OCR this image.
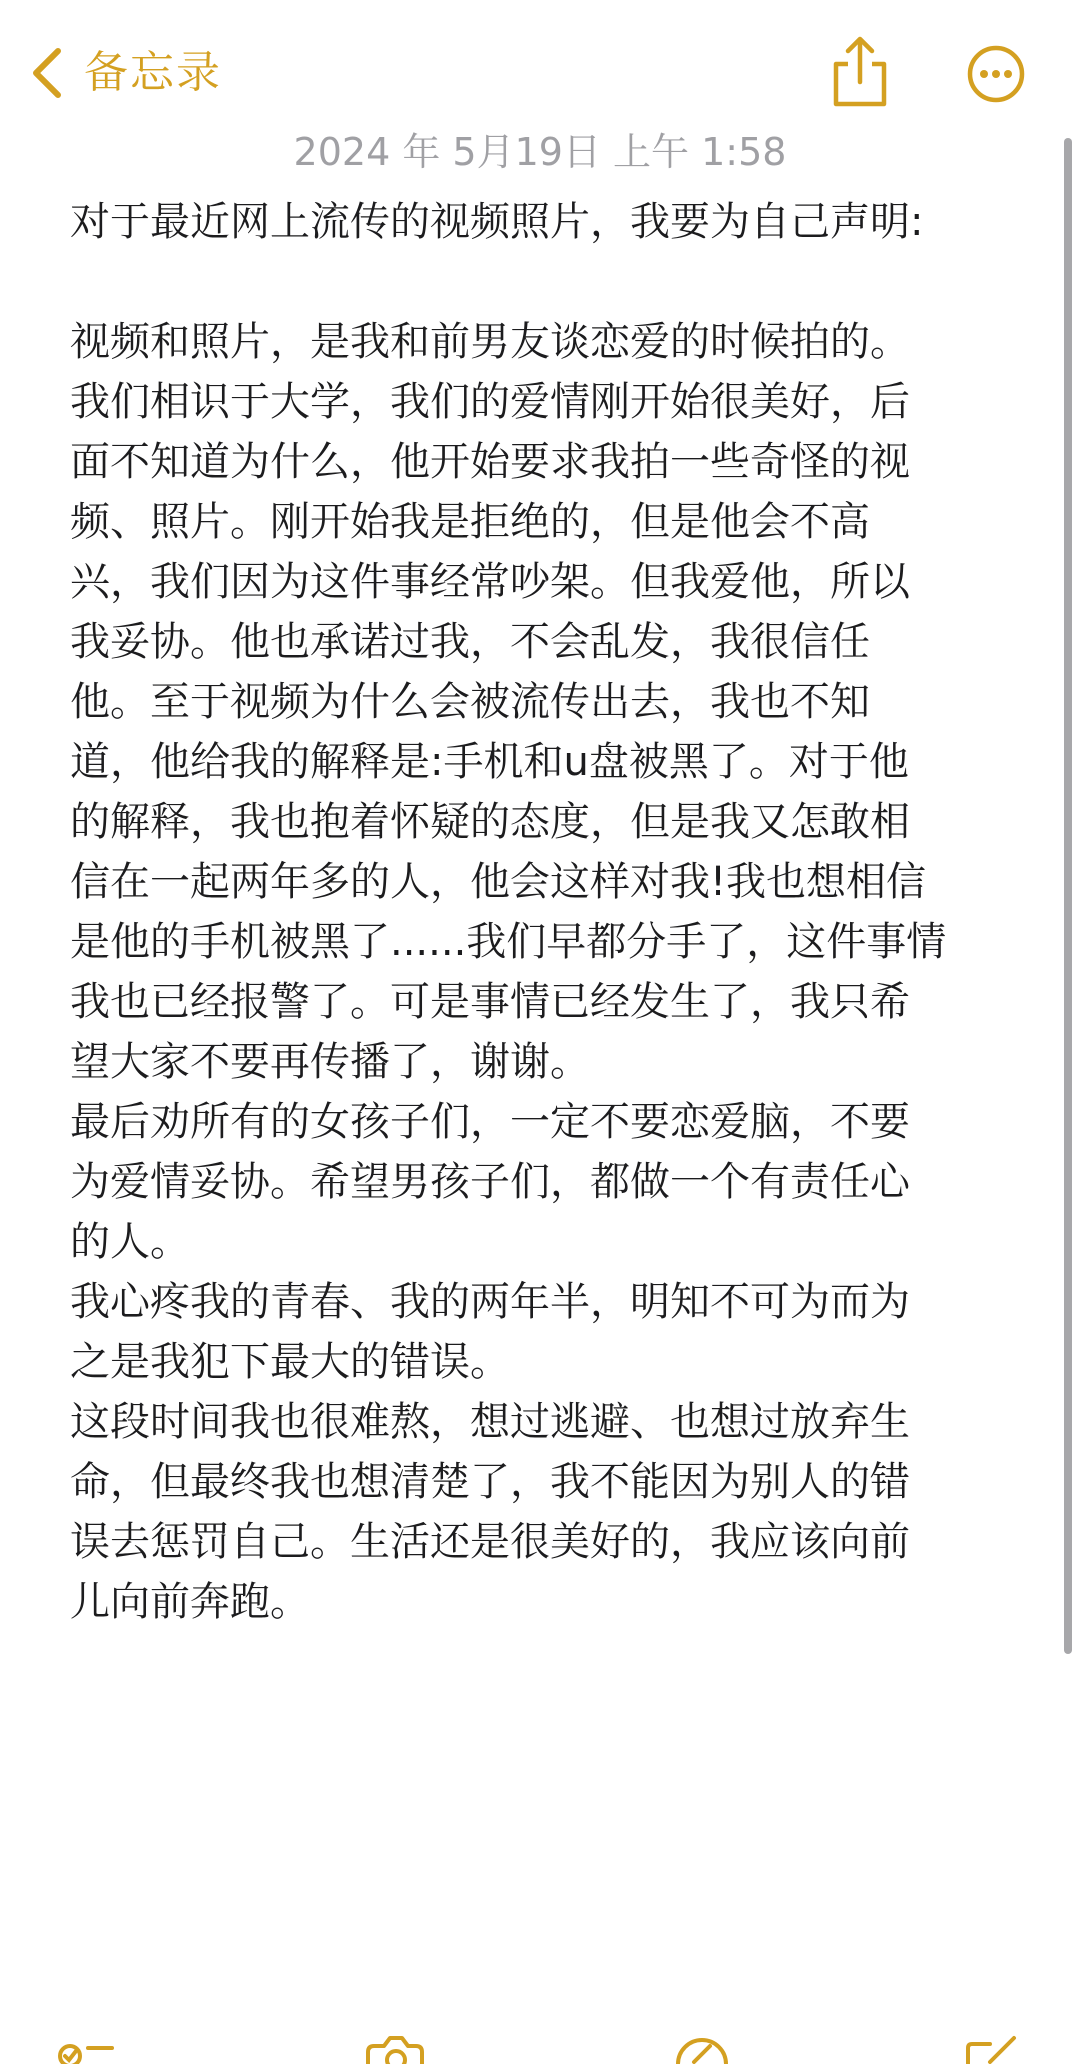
备忘录
2024 年 5月19日 上午 1:58
对于最近网上流传的视频照片，我要为自己声明:
视频和照片，是我和前男友谈恋爱的时候拍的。
我们相识于大学，我们的爱情刚开始很美好，后
面不知道为什么，他开始要求我拍一些奇怪的视
频、照片。刚开始我是拒绝的，但是他会不高
兴，我们因为这件事经常吵架。但我爱他，所以
我妥协。他也承诺过我，不会乱发，我很信任
他。至于视频为什么会被流传出去，我也不知
道，他给我的解释是:手机和u盘被黑了。对于他
的解释，我也抱着怀疑的态度，但是我又怎敢相
信在一起两年多的人，他会这样对我!我也想相信
是他的手机被黑了......我们早都分手了，这件事情
我也已经报警了。可是事情已经发生了，我只希
望大家不要再传播了，谢谢。
最后劝所有的女孩子们，一定不要恋爱脑，不要
为爱情妥协。希望男孩子们，都做一个有责任心
的人。
我心疼我的青春、我的两年半，明知不可为而为
之是我犯下最大的错误。
这段时间我也很难熬，想过逃避、也想过放弃生
命，但最终我也想清楚了，我不能因为别人的错
误去惩罚自己。生活还是很美好的，我应该向前
儿向前奔跑。
